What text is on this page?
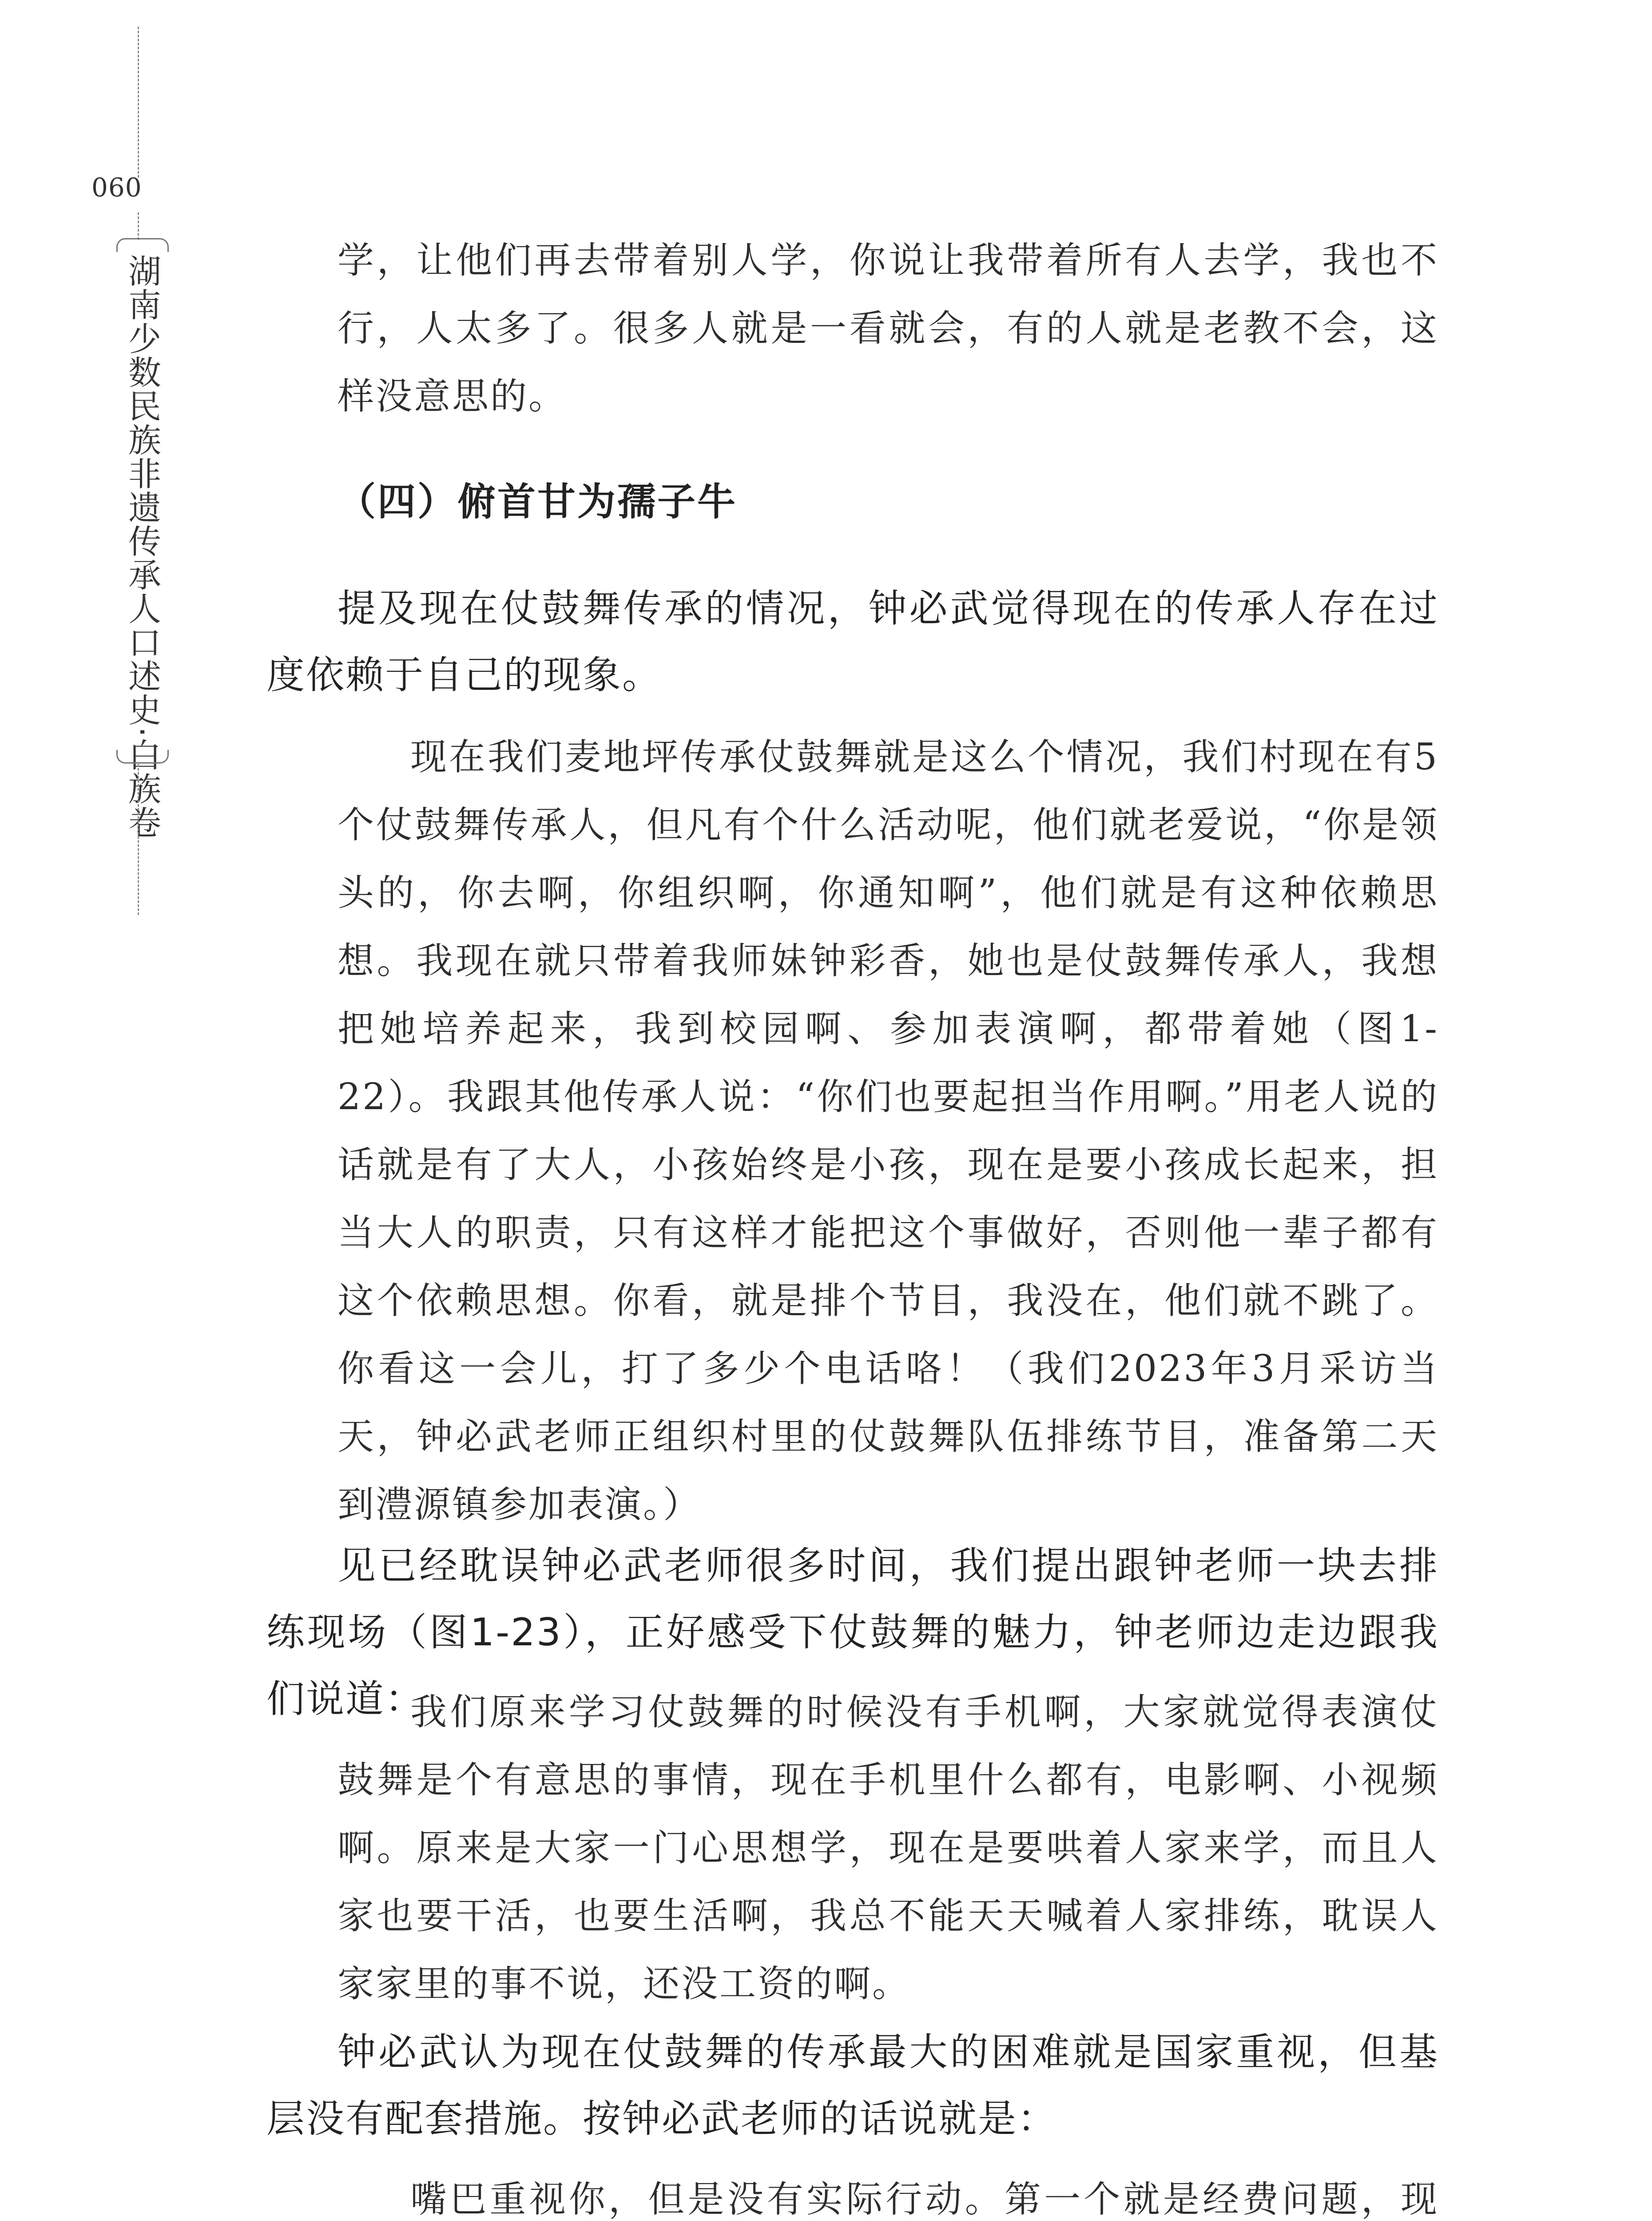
060
湖南少数民族非遗传承人口述史·白族卷	学，让他们再去带着别人学，你说让我带着所有人去学，我也不行，人太多了。很多人就是一看就会，有的人就是老教不会，这样没意思的。

（四）俯首甘为孺子牛

提及现在仗鼓舞传承的情况，钟必武觉得现在的传承人存在过度依赖于自己的现象。

现在我们麦地坪传承仗鼓舞就是这么个情况，我们村现在有5个仗鼓舞传承人，但凡有个什么活动呢，他们就老爱说，“你是领头的，你去啊，你组织啊，你通知啊”，他们就是有这种依赖思想。我现在就只带着我师妹钟彩香，她也是仗鼓舞传承人，我想把她培养起来，我到校园啊、参加表演啊，都带着她（图1-22）。我跟其他传承人说：“你们也要起担当作用啊。”用老人说的话就是有了大人，小孩始终是小孩，现在是要小孩成长起来，担当大人的职责，只有这样才能把这个事做好，否则他一辈子都有这个依赖思想。你看，就是排个节目，我没在，他们就不跳了。你看这一会儿，打了多少个电话咯！（我们2023年3月采访当天，钟必武老师正组织村里的仗鼓舞队伍排练节目，准备第二天到澧源镇参加表演。）

见已经耽误钟必武老师很多时间，我们提出跟钟老师一块去排练现场（图1-23），正好感受下仗鼓舞的魅力，钟老师边走边跟我们说道：

我们原来学习仗鼓舞的时候没有手机啊，大家就觉得表演仗鼓舞是个有意思的事情，现在手机里什么都有，电影啊、小视频啊。原来是大家一门心思想学，现在是要哄着人家来学，而且人家也要干活，也要生活啊，我总不能天天喊着人家排练，耽误人家家里的事不说，还没工资的啊。

钟必武认为现在仗鼓舞的传承最大的困难就是国家重视，但基层没有配套措施。按钟必武老师的话说就是：

嘴巴重视你，但是没有实际行动。第一个就是经费问题，现
